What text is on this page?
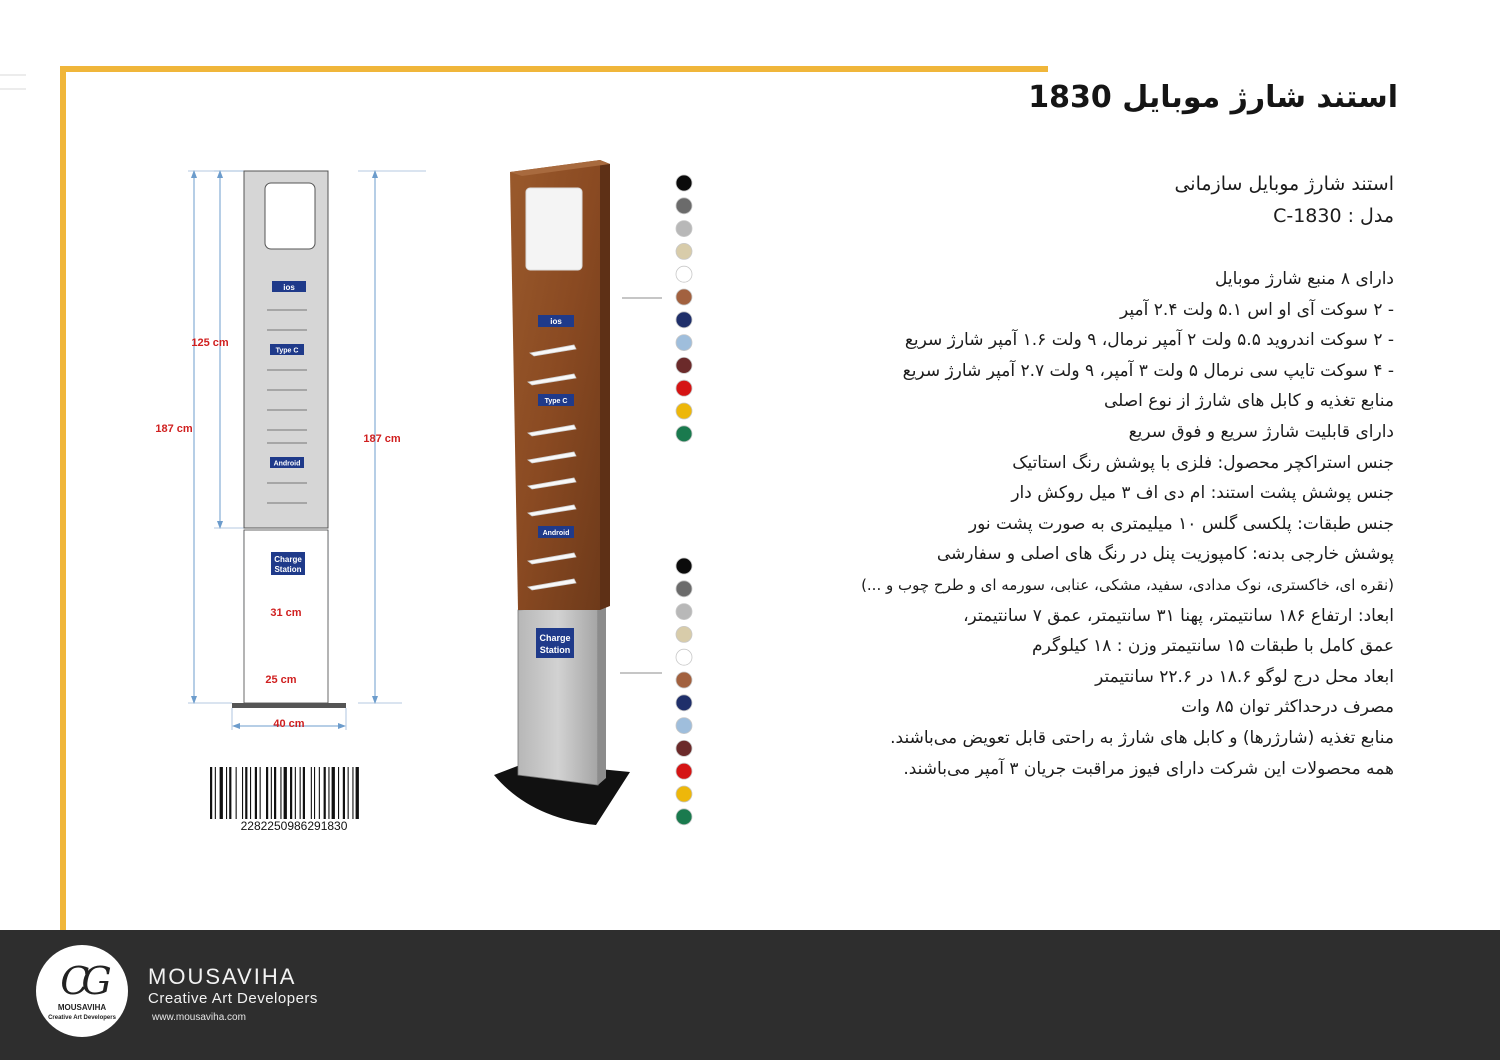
استند شارژ موبایل 1830
استند شارژ موبایل سازمانی
مدل : C-1830
دارای ۸ منبع شارژ موبایل
- ۲ سوکت آی او اس ۵.۱ ولت ۲.۴ آمپر
- ۲ سوکت اندروید ۵.۵ ولت ۲ آمپر نرمال، ۹ ولت ۱.۶ آمپر شارژ سریع
- ۴ سوکت تایپ سی نرمال ۵ ولت ۳ آمپر، ۹ ولت ۲.۷ آمپر شارژ سریع
منابع تغذیه و کابل های شارژ از نوع اصلی
دارای قابلیت شارژ سریع و فوق سریع
جنس استراکچر محصول: فلزی با پوشش رنگ استاتیک
جنس پوشش پشت استند: ام دی اف ۳ میل روکش دار
جنس طبقات: پلکسی گلس ۱۰ میلیمتری به صورت پشت نور
پوشش خارجی بدنه: کامپوزیت پنل در رنگ های اصلی و سفارشی
(نقره ای، خاکستری، نوک مدادی، سفید، مشکی، عنابی، سورمه ای و طرح چوب و ...)
ابعاد: ارتفاع ۱۸۶ سانتیمتر، پهنا ۳۱ سانتیمتر، عمق ۷ سانتیمتر،
عمق کامل با طبقات ۱۵ سانتیمتر وزن : ۱۸ کیلوگرم
ابعاد محل درج لوگو ۱۸.۶ در ۲۲.۶ سانتیمتر
مصرف درحداکثر توان ۸۵ وات
منابع تغذیه (شارژرها) و کابل های شارژ به راحتی قابل تعویض می‌باشند.
همه محصولات این شرکت دارای فیوز مراقبت جریان ۳ آمپر می‌باشند.
ios
Type C
Android
Charge
Station
125 cm
187 cm
187 cm
31 cm
25 cm
40 cm
2282250986291830
ios
Type C
Android
Charge
Station
CG
MOUSAVIHA
Creative Art Developers
MOUSAVIHA
Creative Art Developers
www.mousaviha.com
